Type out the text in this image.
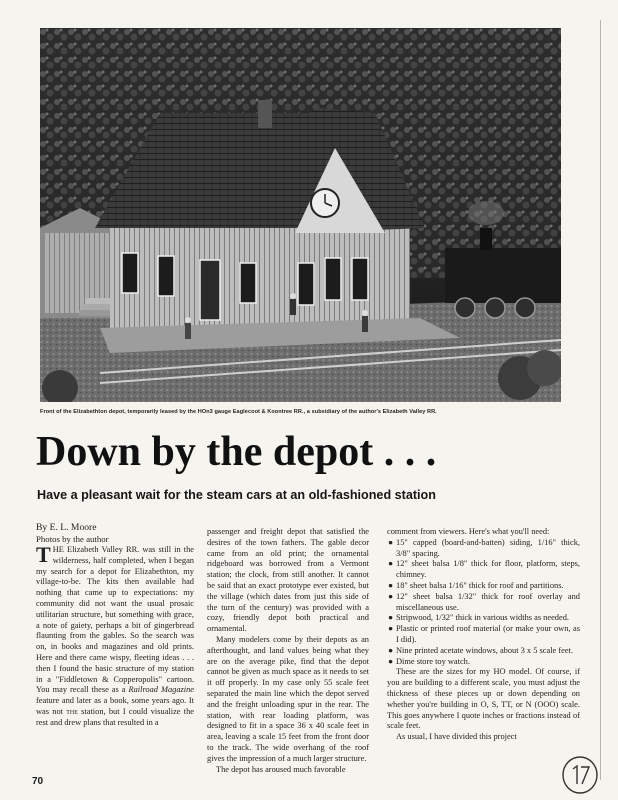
Front of the Elizabethton depot, temporarily leased by the HOn3 gauge Eaglecoot & Koontree RR., a subsidiary of the author's Elizabeth Valley RR.
Down by the depot . . .
Have a pleasant wait for the steam cars at an old-fashioned station

By E. L. Moore

Photos by the author

THE Elizabeth Valley RR. was still in the wilderness, half completed, when I began my search for a depot for Elizabethton, my village-to-be. The kits then available had nothing that came up to expectations: my community did not want the usual prosaic utilitarian structure, but something with grace, a note of gaiety, perhaps a bit of gingerbread flaunting from the gables. So the search was on, in books and magazines and old prints. Here and there came wispy, fleeting ideas . . . then I found the basic structure of my station in a "Fiddletown & Copperopolis" cartoon. You may recall these as a Railroad Magazine feature and later as a book, some years ago. It was not the station, but I could visualize the rest and drew plans that resulted in a

passenger and freight depot that satisfied the desires of the town fathers. The gable decor came from an old print; the ornamental ridgeboard was borrowed from a Vermont station; the clock, from still another. It cannot be said that an exact prototype ever existed, but the village (which dates from just this side of the turn of the century) was provided with a cozy, friendly depot both practical and ornamental.

Many modelers come by their depots as an afterthought, and land values being what they are on the average pike, find that the depot cannot be given as much space as it needs to set it off properly. In my case only 55 scale feet separated the main line which the depot served and the freight unloading spur in the rear. The station, with rear loading platform, was designed to fit in a space 36 x 40 scale feet in area, leaving a scale 15 feet from the front door to the track. The wide overhang of the roof gives the impression of a much larger structure.

The depot has aroused much favorable

comment from viewers. Here's what you'll need:

● 15" capped (board-and-batten) siding, 1/16" thick, 3/8" spacing.
● 12" sheet balsa 1/8" thick for floor, platform, steps, chimney.
● 18" sheet balsa 1/16" thick for roof and partitions.
● 12" sheet balsa 1/32" thick for roof overlay and miscellaneous use.
● Stripwood, 1/32" thick in various widths as needed.
● Plastic or printed roof material (or make your own, as I did).
● Nine printed acetate windows, about 3 x 5 scale feet.
● Dime store toy watch.

These are the sizes for my HO model. Of course, if you are building to a different scale, you must adjust the thickness of these pieces up or down depending on whether you're building in O, S, TT, or N (OOO) scale. This goes anywhere I quote inches or fractions instead of scale feet.

As usual, I have divided this project

70
